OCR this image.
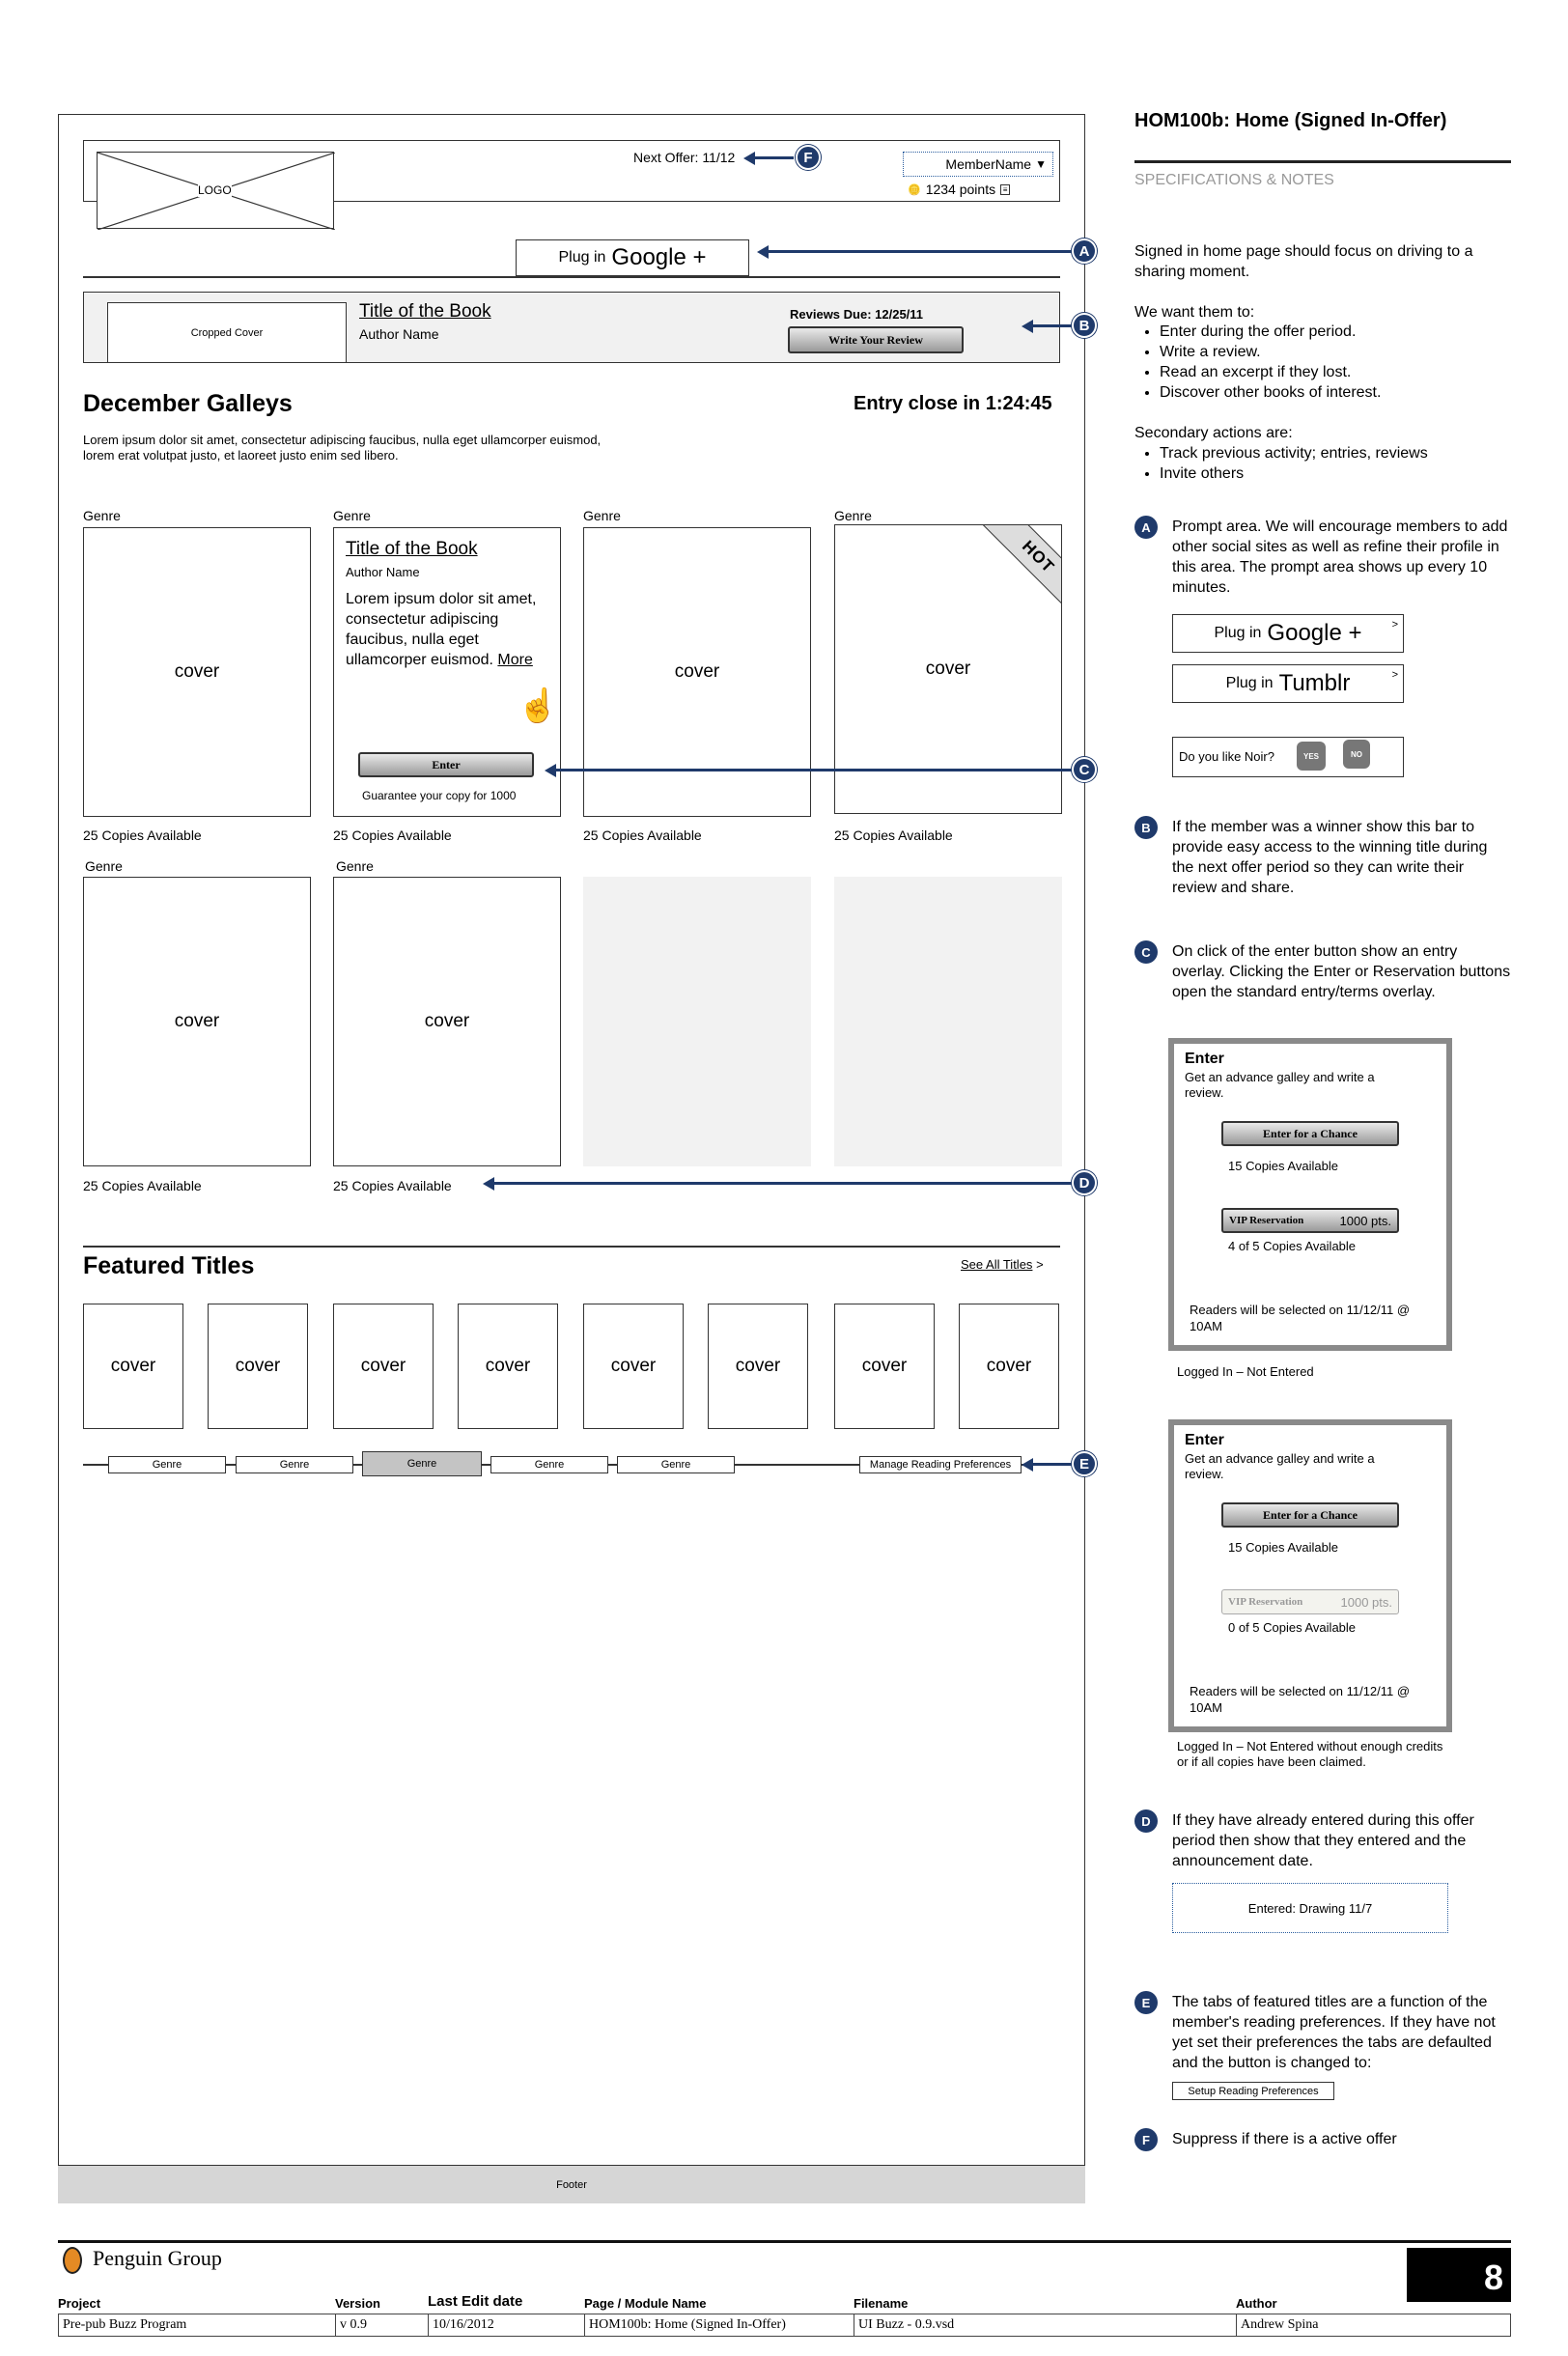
LOGO
Next Offer: 11/12	MemberName ▼
🪙 1234 points ≡
Plug in Google +
Cropped Cover
Title of the Book
Author Name
Reviews Due: 12/25/11
Write Your Review
December Galleys	Entry close in 1:24:45
Lorem ipsum dolor sit amet, consectetur adipiscing faucibus, nulla eget ullamcorper euismod, lorem erat volutpat justo, et laoreet justo enim sed libero.
Genre
cover
25 Copies Available
Genre
Title of the Book
Author Name
Lorem ipsum dolor sit amet, consectetur adipiscing faucibus, nulla eget ullamcorper euismod. More
☝
Enter
Guarantee your copy for 1000
25 Copies Available
Genre
cover
25 Copies Available
Genre
cover
HOT
25 Copies Available
Genre
cover
25 Copies Available
Genre
cover
25 Copies Available
Featured Titles	See All Titles >
cover	cover	cover	cover	cover	cover	cover	cover
Genre	Genre	Genre	Genre	Genre	Manage Reading Preferences
Footer
F
A
B
C
D
E
HOM100b: Home (Signed In-Offer)
SPECIFICATIONS & NOTES
Signed in home page should focus on driving to a sharing moment.
We want them to:
• Enter during the offer period.
• Write a review.
• Read an excerpt if they lost.
• Discover other books of interest.
Secondary actions are:
• Track previous activity; entries, reviews
• Invite others
A	Prompt area. We will encourage members to add other social sites as well as refine their profile in this area. The prompt area shows up every 10 minutes.
Plug in Google +	>
Plug in Tumblr	>
Do you like Noir?	YES	NO
B	If the member was a winner show this bar to provide easy access to the winning title during the next offer period so they can write their review and share.
C	On click of the enter button show an entry overlay. Clicking the Enter or Reservation buttons open the standard entry/terms overlay.
Enter
Get an advance galley and write a review.
Enter for a Chance
15 Copies Available
VIP Reservation	1000 pts.
4 of 5 Copies Available
Readers will be selected on 11/12/11 @ 10AM
Logged In – Not Entered
Enter
Get an advance galley and write a review.
Enter for a Chance
15 Copies Available
VIP Reservation	1000 pts.
0 of 5 Copies Available
Readers will be selected on 11/12/11 @ 10AM
Logged In – Not Entered without enough credits or if all copies have been claimed.
D	If they have already entered during this offer period then show that they entered and the announcement date.
Entered: Drawing 11/7
E	The tabs of featured titles are a function of the member's reading preferences. If they have not yet set their preferences the tabs are defaulted and the button is changed to:
Setup Reading Preferences
F	Suppress if there is a active offer
Penguin Group	8
Project	Version	Last Edit date	Page / Module Name	Filename	Author
Pre-pub Buzz Program	v 0.9	10/16/2012	HOM100b: Home (Signed In-Offer)	UI Buzz - 0.9.vsd	Andrew Spina
